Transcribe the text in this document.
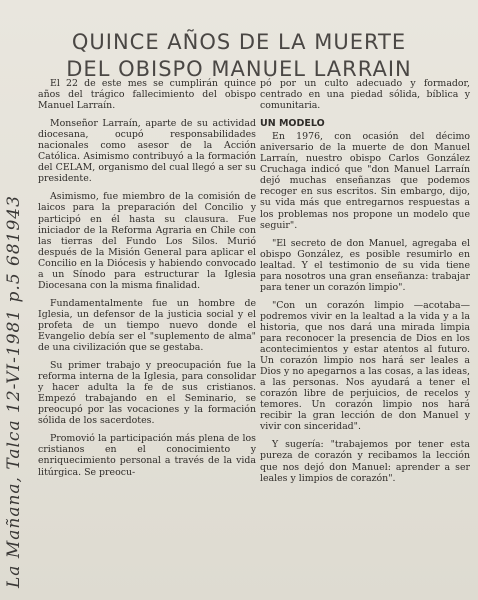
QUINCE AÑOS DE LA MUERTE
DEL OBISPO MANUEL LARRAIN

El 22 de este mes se cumplirán quince años del trágico fallecimiento del obispo Manuel Larraín.

Monseñor Larraín, aparte de su actividad diocesana, ocupó responsabilidades nacionales como asesor de la Acción Católica. Asimismo contribuyó a la formación del CELAM, organismo del cual llegó a ser su presidente.

Asimismo, fue miembro de la comisión de laicos para la preparación del Concilio y participó en él hasta su clausura. Fue iniciador de la Reforma Agraria en Chile con las tierras del Fundo Los Silos. Murió después de la Misión General para aplicar el Concilio en la Diócesis y habiendo convocado a un Sínodo para estructurar la Iglesia Diocesana con la misma finalidad.

Fundamentalmente fue un hombre de Iglesia, un defensor de la justicia social y el profeta de un tiempo nuevo donde el Evangelio debía ser el "suplemento de alma" de una civilización que se gestaba.

Su primer trabajo y preocupación fue la reforma interna de la Iglesia, para consolidar y hacer adulta la fe de sus cristianos. Empezó trabajando en el Seminario, se preocupó por las vocaciones y la formación sólida de los sacerdotes.

Promovió la participación más plena de los cristianos en el conocimiento y enriquecimiento personal a través de la vida litúrgica. Se preocu-

pó por un culto adecuado y formador, centrado en una piedad sólida, bíblica y comunitaria.

UN MODELO

En 1976, con ocasión del décimo aniversario de la muerte de don Manuel Larraín, nuestro obispo Carlos González Cruchaga indicó que "don Manuel Larraín dejó muchas enseñanzas que podemos recoger en sus escritos. Sin embargo, dijo, su vida más que entregarnos respuestas a los problemas nos propone un modelo que seguir".

"El secreto de don Manuel, agregaba el obispo González, es posible resumirlo en lealtad. Y el testimonio de su vida tiene para nosotros una gran enseñanza: trabajar para tener un corazón limpio".

"Con un corazón limpio —acotaba— podremos vivir en la lealtad a la vida y a la historia, que nos dará una mirada limpia para reconocer la presencia de Dios en los acontecimientos y estar atentos al futuro. Un corazón limpio nos hará ser leales a Dios y no apegarnos a las cosas, a las ideas, a las personas. Nos ayudará a tener el corazón libre de perjuicios, de recelos y temores. Un corazón limpio nos hará recibir la gran lección de don Manuel y vivir con sinceridad".

Y sugería: "trabajemos por tener esta pureza de corazón y recibamos la lección que nos dejó don Manuel: aprender a ser leales y limpios de corazón".

La Mañana, Talca 12-VI-1981 p.5 681943
